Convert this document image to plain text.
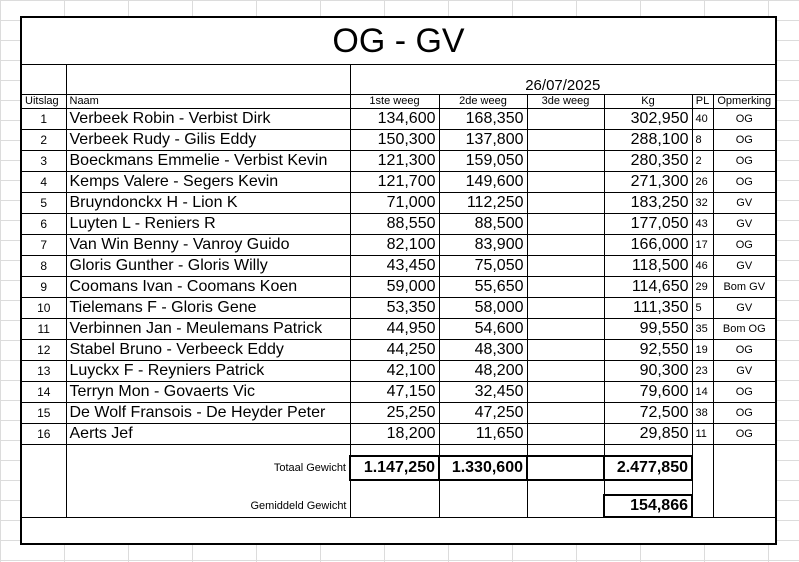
OG - GV
		26/07/2025					
Uitslag	Naam	1ste weeg	2de weeg	3de weeg	Kg	PL	Opmerking
1	Verbeek Robin - Verbist Dirk	134,600	168,350		302,950	40	OG
2	Verbeek Rudy - Gilis Eddy	150,300	137,800		288,100	8	OG
3	Boeckmans Emmelie - Verbist Kevin	121,300	159,050		280,350	2	OG
4	Kemps Valere - Segers Kevin	121,700	149,600		271,300	26	OG
5	Bruyndonckx H - Lion K	71,000	112,250		183,250	32	GV
6	Luyten L - Reniers R	88,550	88,500		177,050	43	GV
7	Van Win Benny - Vanroy Guido	82,100	83,900		166,000	17	OG
8	Gloris Gunther - Gloris Willy	43,450	75,050		118,500	46	GV
9	Coomans Ivan - Coomans Koen	59,000	55,650		114,650	29	Bom GV
10	Tielemans F - Gloris Gene	53,350	58,000		111,350	5	GV
11	Verbinnen Jan - Meulemans Patrick	44,950	54,600		99,550	35	Bom OG
12	Stabel Bruno - Verbeeck Eddy	44,250	48,300		92,550	19	OG
13	Luyckx F - Reyniers Patrick	42,100	48,200		90,300	23	GV
14	Terryn Mon - Govaerts Vic	47,150	32,450		79,600	14	OG
15	De Wolf Fransois - De Heyder Peter	25,250	47,250		72,500	38	OG
16	Aerts Jef	18,200	11,650		29,850	11	OG

	Totaal Gewicht	1.147,250	1.330,600		2.477,850		

	Gemiddeld Gewicht				154,866		
